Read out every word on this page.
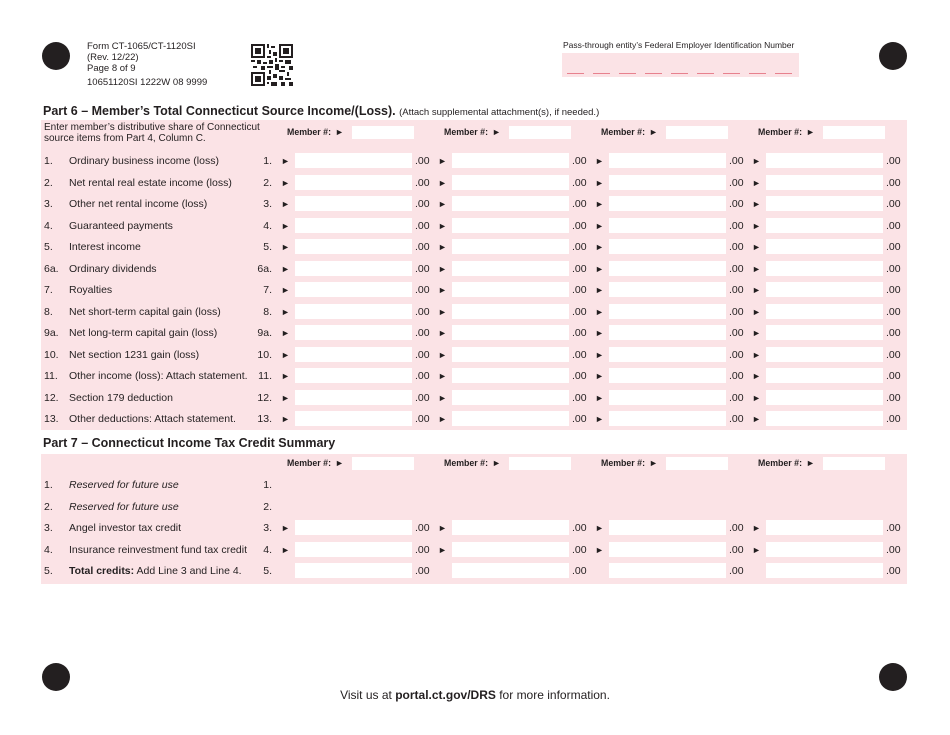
Form CT-1065/CT-1120SI
(Rev. 12/22)
Page 8 of 9
10651120SI 1222W 08 9999
Pass-through entity’s Federal Employer Identification Number
Part 6 – Member’s Total Connecticut Source Income/(Loss). (Attach supplemental attachment(s), if needed.)
Enter member’s distributive share of Connecticut
source items from Part 4, Column C.
Member #: ►	Member #: ►	Member #: ►	Member #: ►
1. Ordinary business income (loss)	1. ►	.00 ►	.00 ►	.00 ►	.00
2. Net rental real estate income (loss)	2. ►	.00 ►	.00 ►	.00 ►	.00
3. Other net rental income (loss)	3. ►	.00 ►	.00 ►	.00 ►	.00
4. Guaranteed payments	4. ►	.00 ►	.00 ►	.00 ►	.00
5. Interest income	5. ►	.00 ►	.00 ►	.00 ►	.00
6a. Ordinary dividends	6a. ►	.00 ►	.00 ►	.00 ►	.00
7. Royalties	7. ►	.00 ►	.00 ►	.00 ►	.00
8. Net short-term capital gain (loss)	8. ►	.00 ►	.00 ►	.00 ►	.00
9a. Net long-term capital gain (loss)	9a. ►	.00 ►	.00 ►	.00 ►	.00
10. Net section 1231 gain (loss)	10. ►	.00 ►	.00 ►	.00 ►	.00
11. Other income (loss): Attach statement.	11. ►	.00 ►	.00 ►	.00 ►	.00
12. Section 179 deduction	12. ►	.00 ►	.00 ►	.00 ►	.00
13. Other deductions: Attach statement.	13. ►	.00 ►	.00 ►	.00 ►	.00
Part 7 – Connecticut Income Tax Credit Summary
Member #: ►	Member #: ►	Member #: ►	Member #: ►
1. Reserved for future use	1.
2. Reserved for future use	2.
3. Angel investor tax credit	3. ►	.00 ►	.00 ►	.00 ►	.00
4. Insurance reinvestment fund tax credit	4. ►	.00 ►	.00 ►	.00 ►	.00
5. Total credits: Add Line 3 and Line 4.	5.	.00	.00	.00	.00
Visit us at portal.ct.gov/DRS for more information.
